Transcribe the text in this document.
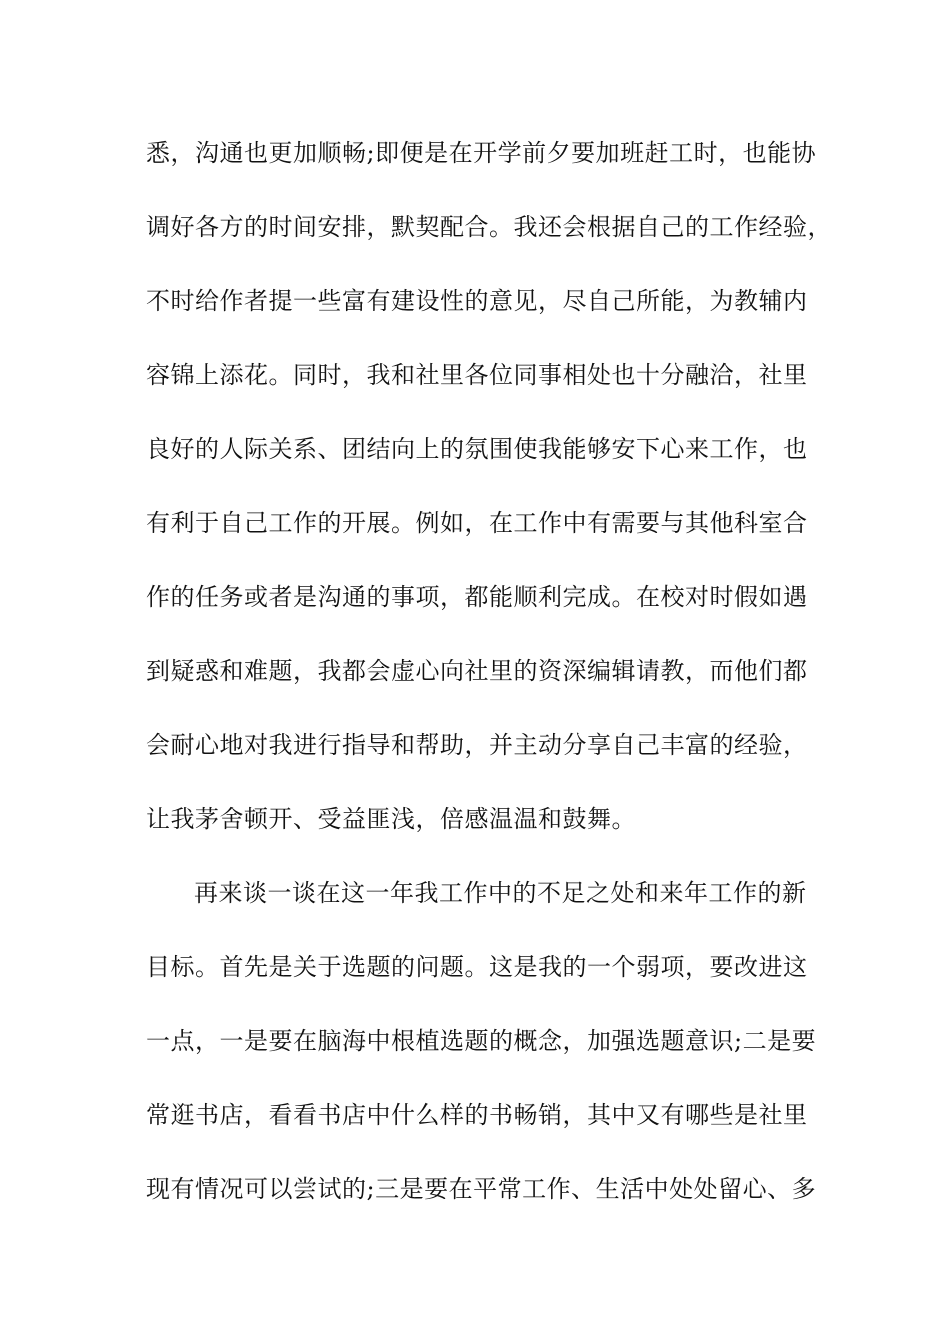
悉，沟通也更加顺畅;即便是在开学前夕要加班赶工时，也能协
调好各方的时间安排，默契配合。我还会根据自己的工作经验，
不时给作者提一些富有建设性的意见，尽自己所能，为教辅内
容锦上添花。同时，我和社里各位同事相处也十分融洽，社里
良好的人际关系、团结向上的氛围使我能够安下心来工作，也
有利于自己工作的开展。例如，在工作中有需要与其他科室合
作的任务或者是沟通的事项，都能顺利完成。在校对时假如遇
到疑惑和难题，我都会虚心向社里的资深编辑请教，而他们都
会耐心地对我进行指导和帮助，并主动分享自己丰富的经验，
让我茅舍顿开、受益匪浅，倍感温温和鼓舞。
再来谈一谈在这一年我工作中的不足之处和来年工作的新
目标。首先是关于选题的问题。这是我的一个弱项，要改进这
一点，一是要在脑海中根植选题的概念，加强选题意识;二是要
常逛书店，看看书店中什么样的书畅销，其中又有哪些是社里
现有情况可以尝试的;三是要在平常工作、生活中处处留心、多
